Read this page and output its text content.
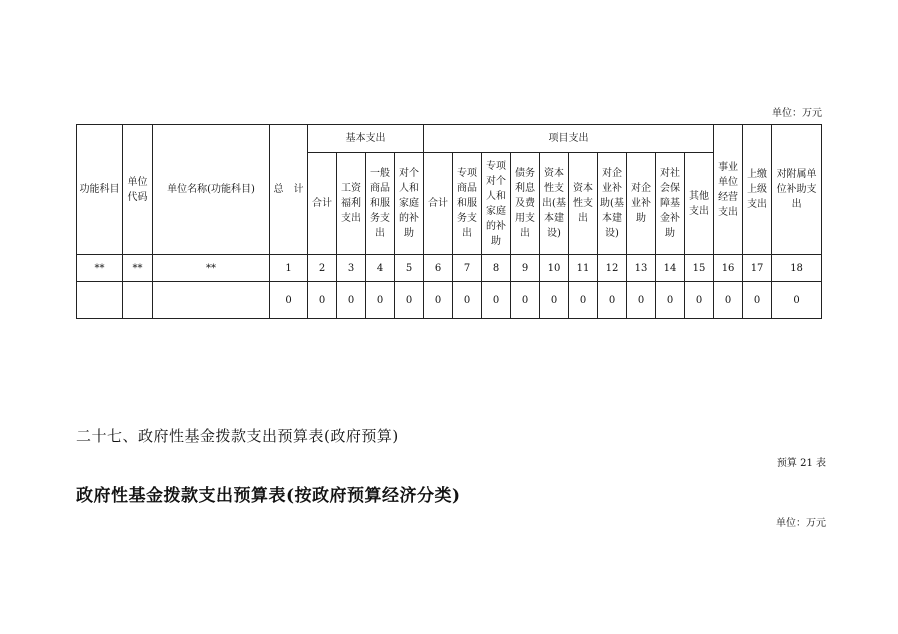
单位：万元
功能科目	单位代码	单位名称(功能科目)	总　计	基本支出				项目支出										事业单位经营支出	上缴上级支出	对附属单位补助支出
				合计	工资福利支出	一般商品和服务支出	对个人和家庭的补助	合计	专项商品和服务支出	专项对个人和家庭的补助	债务利息及费用支出	资本性支出(基本建设)	资本性支出	对企业补助(基本建设)	对企业补助	对社会保障基金补助	其他支出			
**	**	**	1	2	3	4	5	6	7	8	9	10	11	12	13	14	15	16	17	18
			0	0	0	0	0	0	0	0	0	0	0	0	0	0	0	0	0	0
二十七、政府性基金拨款支出预算表(政府预算)
预算 21 表
政府性基金拨款支出预算表(按政府预算经济分类)
单位：万元
